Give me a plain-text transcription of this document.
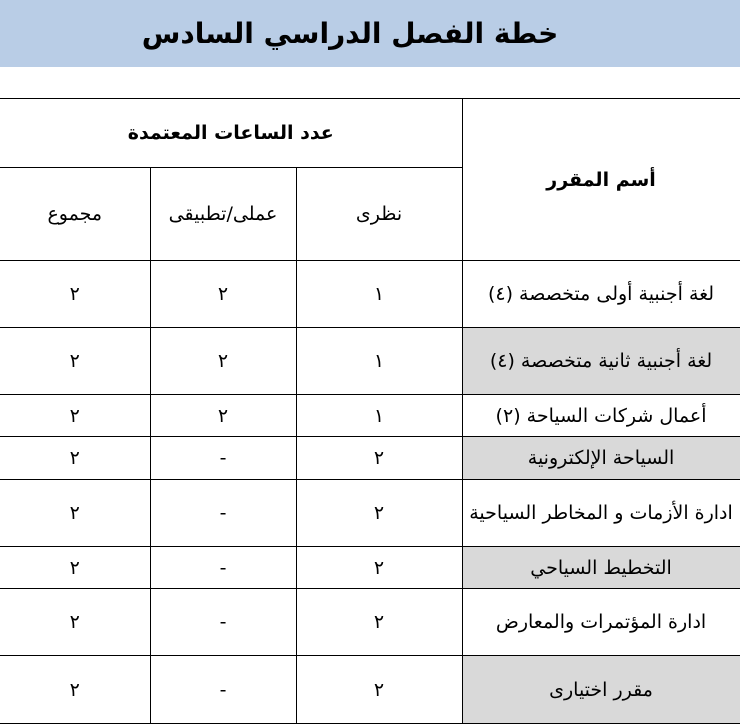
خطة الفصل الدراسي السادس
عدد الساعات المعتمدة			أسم المقرر
مجموع	عملى/تطبيقى	نظرى	
٢	٢	١	لغة أجنبية أولى متخصصة (٤)
٢	٢	١	لغة أجنبية ثانية متخصصة (٤)
٢	٢	١	أعمال شركات السياحة (٢)
٢	-	٢	السياحة الإلكترونية
٢	-	٢	ادارة الأزمات و المخاطر السياحية
٢	-	٢	التخطيط السياحي
٢	-	٢	ادارة المؤتمرات والمعارض
٢	-	٢	مقرر اختيارى
